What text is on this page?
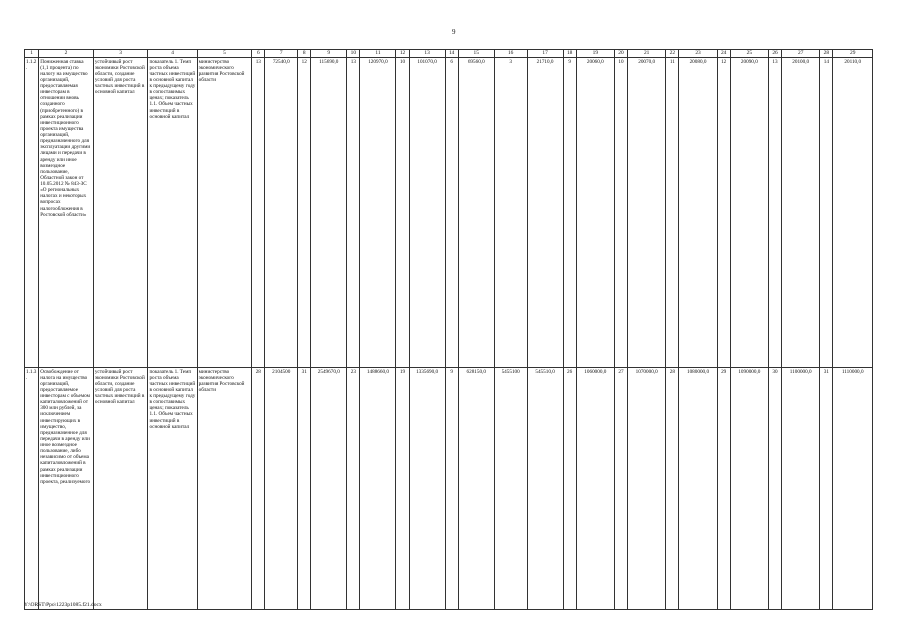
9
1	2	3	4	5	6	7	8	9	10	11	12	13	14	15	16	17	18	19	20	21	22	23	24	25	26	27	28	29
1.1.2.	Пониженная ставка (1,1 процента) по налогу на имущество организаций, предоставляемая инвесторам в отношении вновь созданного (приобретенного) в рамках реализации инвестиционного проекта имущества организаций, предназначенного для эксплуатации другими лицами и передачи в аренду или иное возмездное пользование, Областной закон от 10.05.2012 № 843-ЗС «О региональных налогах и некоторых вопросах налогообложения в Ростовской области»	устойчивый рост экономики Ростовской области, создание условий для роста частных инвестиций в основной капитал	показатель 1. Темп роста объема частных инвестиций в основной капитал к предыдущему году в сопоставимых ценах; показатель 1.1. Объем частных инвестиций в основной капитал	министерство экономического развития Ростовской области	13	72540,0	12	115690,0	13	120970,0	10	101070,0	6	69560,0	3	21710,0	9	20060,0	10	20070,0	11	20080,0	12	20090,0	13	20100,0	14	20110,0
1.1.3.	Освобождение от налога на имущество организаций, предоставляемое инвесторам с объемом капиталовложений от 300 млн рублей, за исключением инвестирующих в имущество, предназначенное для передачи в аренду или иное возмездное пользование, либо независимо от объема капиталовложений в рамках реализации инвестиционного проекта, реализуемого	устойчивый рост экономики Ростовской области, создание условий для роста частных инвестиций в основной капитал	показатель 1. Темп роста объема частных инвестиций в основной капитал к предыдущему году в сопоставимых ценах; показатель 1.1. Объем частных инвестиций в основной капитал	министерство экономического развития Ростовской области	28	2104500	31	2549670,0	23	1488660,0	19	1335690,0	9	628150,0	5455100	545510,0	26	1060000,0	27	1070000,0	28	1080000,0	29	1090000,0	30	1100000,0	31	1110000,0
Y:\ORST\Ppo\1223p1085.f21.docx
